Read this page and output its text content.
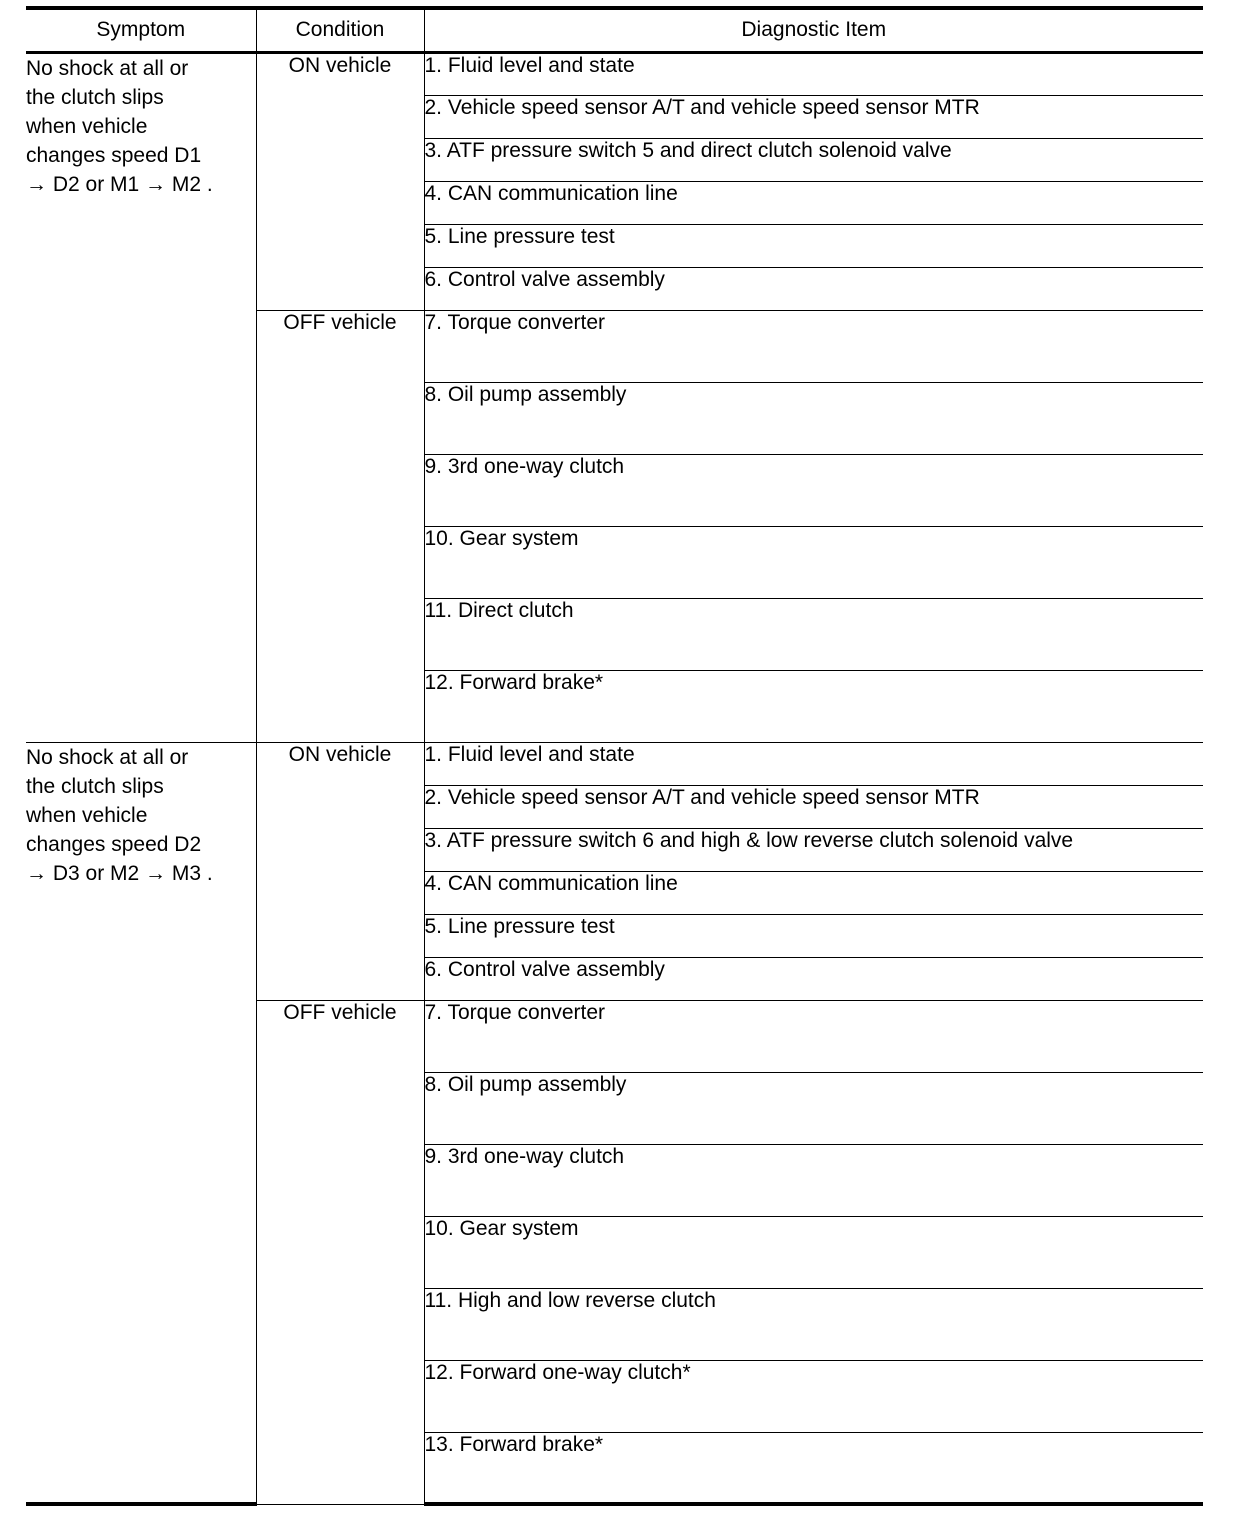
Symptom	Condition	Diagnostic Item

No shock at all or
the clutch slips
when vehicle
changes speed D1
→ D2 or M1 → M2 .	ON vehicle	1. Fluid level and state
		2. Vehicle speed sensor A/T and vehicle speed sensor MTR
		3. ATF pressure switch 5 and direct clutch solenoid valve
		4. CAN communication line
		5. Line pressure test
		6. Control valve assembly
	OFF vehicle	7. Torque converter
		8. Oil pump assembly
		9. 3rd one-way clutch
		10. Gear system
		11. Direct clutch
		12. Forward brake*

No shock at all or
the clutch slips
when vehicle
changes speed D2
→ D3 or M2 → M3 .	ON vehicle	1. Fluid level and state
		2. Vehicle speed sensor A/T and vehicle speed sensor MTR
		3. ATF pressure switch 6 and high & low reverse clutch solenoid valve
		4. CAN communication line
		5. Line pressure test
		6. Control valve assembly
	OFF vehicle	7. Torque converter
		8. Oil pump assembly
		9. 3rd one-way clutch
		10. Gear system
		11. High and low reverse clutch
		12. Forward one-way clutch*
		13. Forward brake*
